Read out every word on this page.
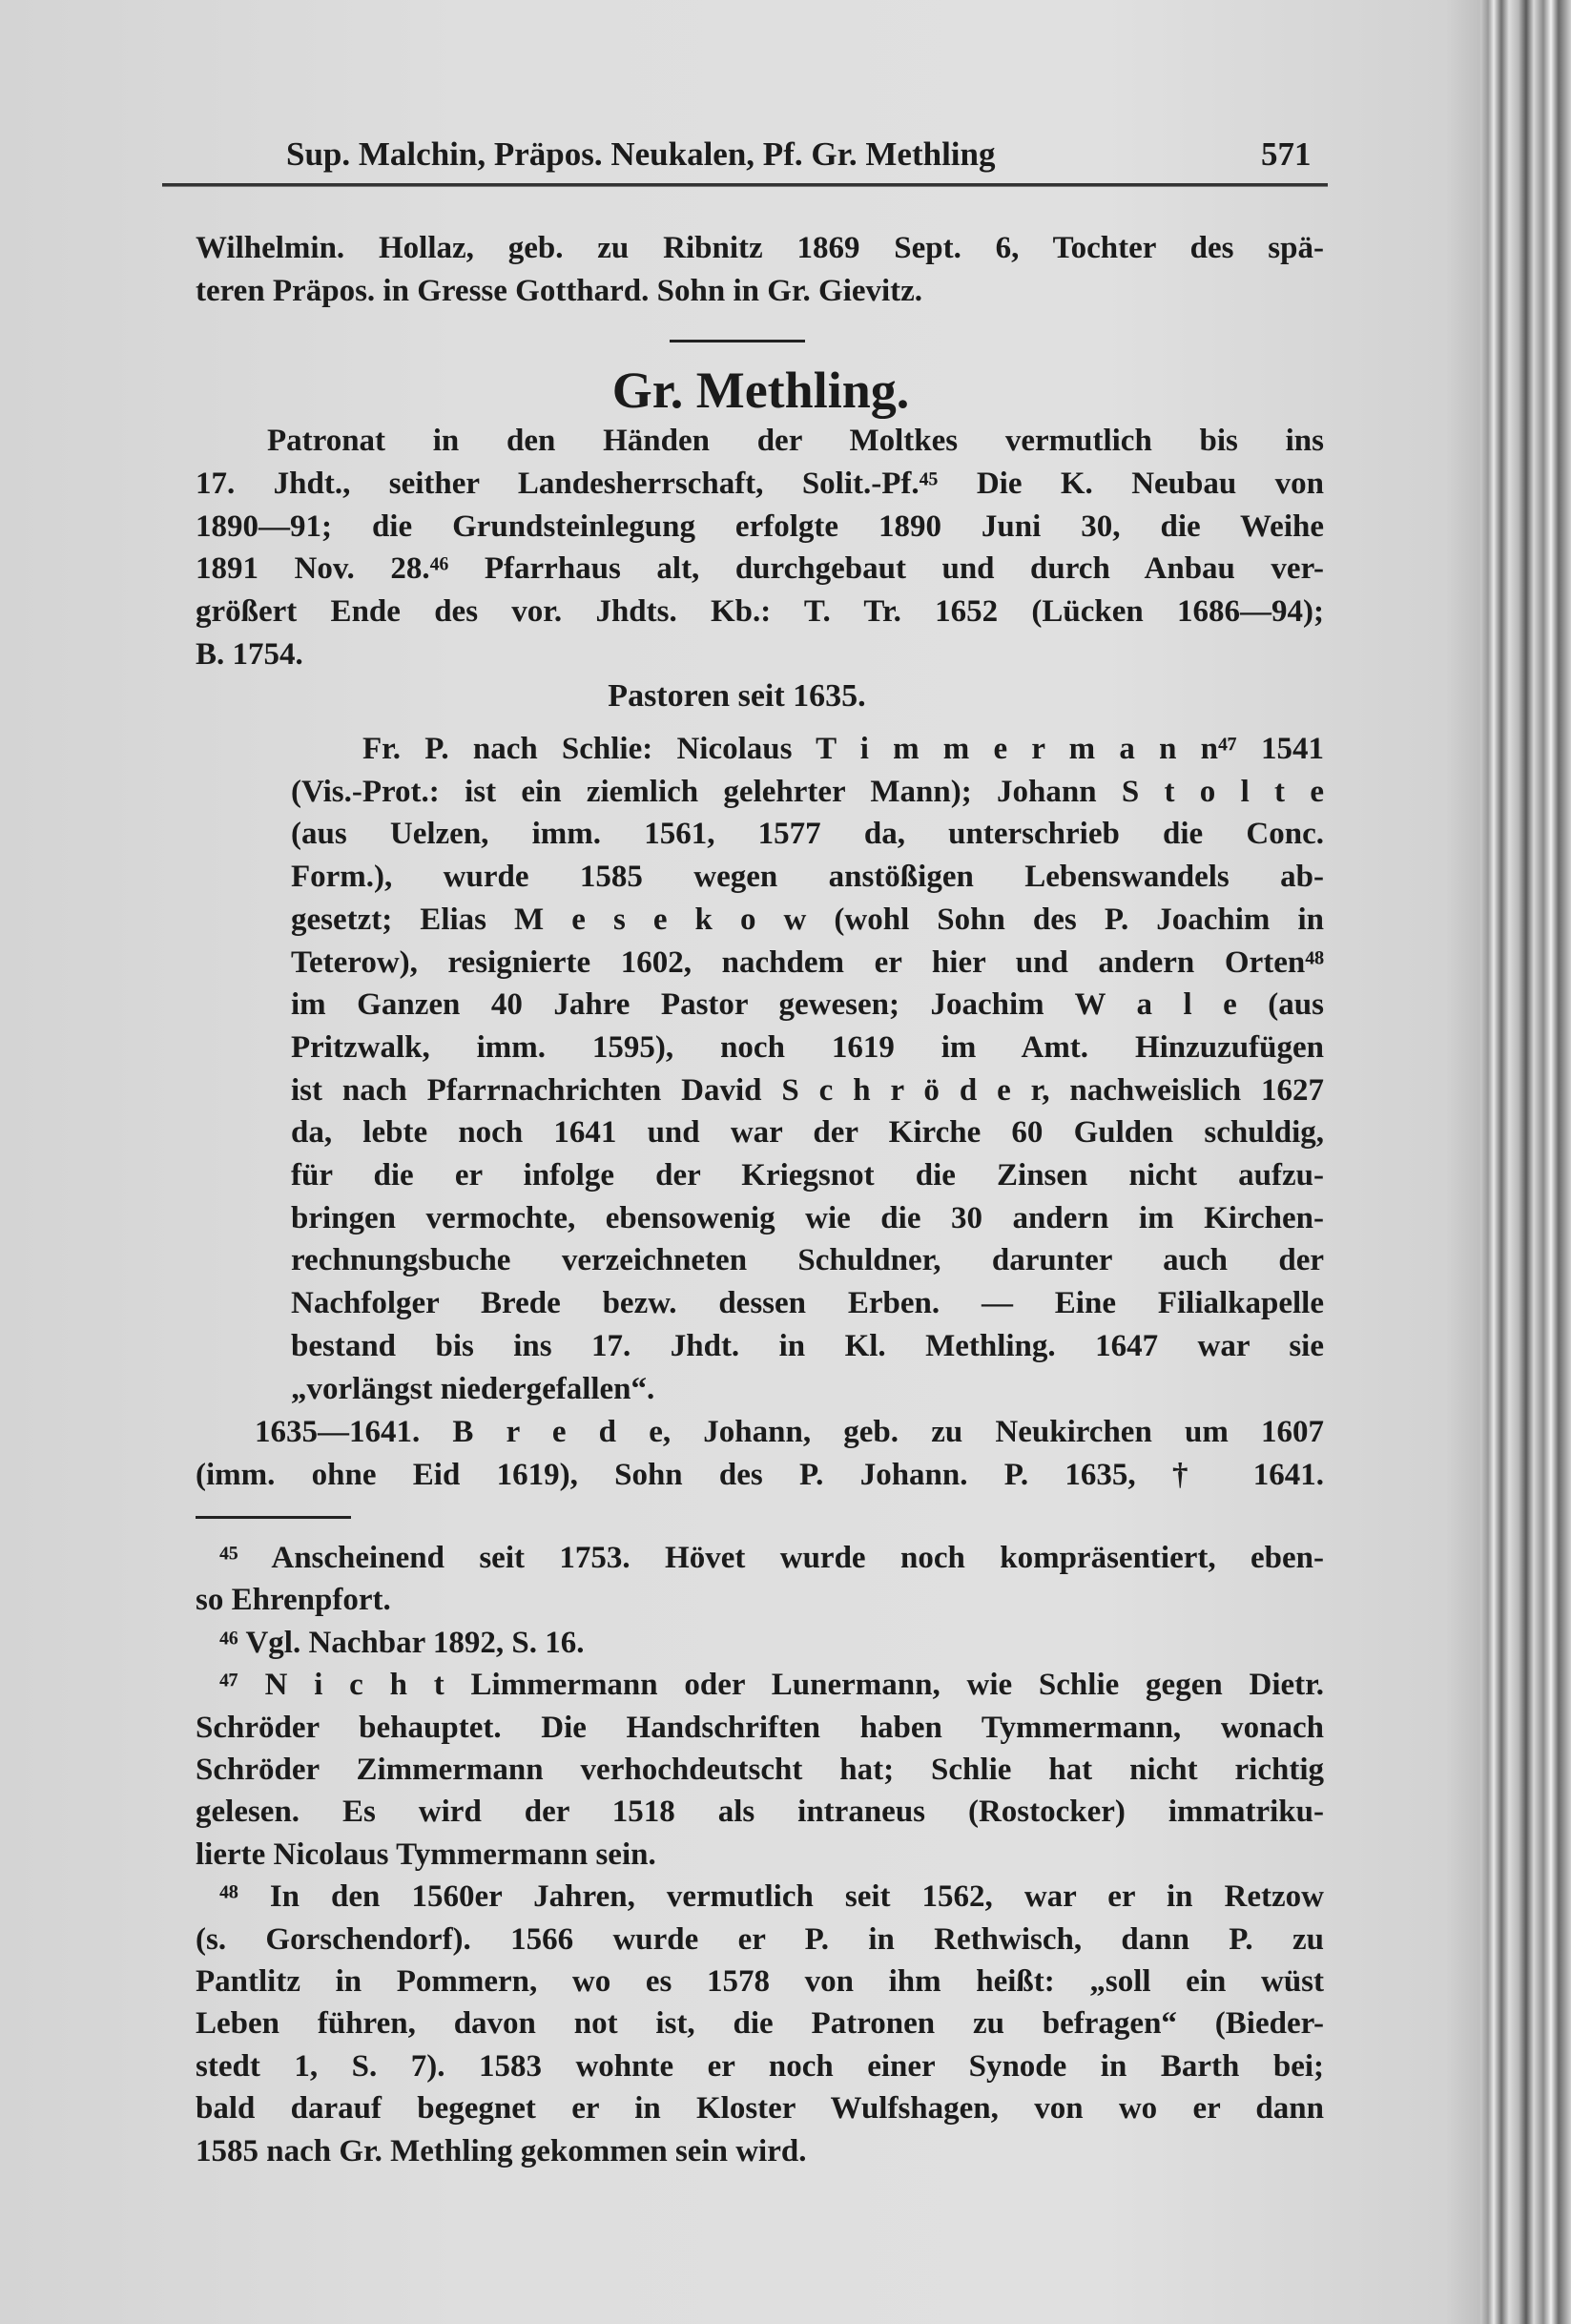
Sup. Malchin, Präpos. Neukalen, Pf. Gr. Methling	571
Gr. Methling.
Pastoren seit 1635.
Wilhelmin. Hollaz, geb. zu Ribnitz 1869 Sept. 6, Tochter des spä-
teren Präpos. in Gresse Gotthard. Sohn in Gr. Gievitz.
Patronat in den Händen der Moltkes vermutlich bis ins
17. Jhdt., seither Landesherrschaft, Solit.-Pf.⁴⁵ Die K. Neubau von
1890—91; die Grundsteinlegung erfolgte 1890 Juni 30, die Weihe
1891 Nov. 28.⁴⁶ Pfarrhaus alt, durchgebaut und durch Anbau ver-
größert Ende des vor. Jhdts. Kb.: T. Tr. 1652 (Lücken 1686—94);
B. 1754.
Fr. P. nach Schlie: Nicolaus T i m m e r m a n n⁴⁷ 1541
(Vis.-Prot.: ist ein ziemlich gelehrter Mann); Johann S t o l t e
(aus Uelzen, imm. 1561, 1577 da, unterschrieb die Conc.
Form.), wurde 1585 wegen anstößigen Lebenswandels ab-
gesetzt; Elias M e s e k o w (wohl Sohn des P. Joachim in
Teterow), resignierte 1602, nachdem er hier und andern Orten⁴⁸
im Ganzen 40 Jahre Pastor gewesen; Joachim W a l e (aus
Pritzwalk, imm. 1595), noch 1619 im Amt. Hinzuzufügen
ist nach Pfarrnachrichten David S c h r ö d e r, nachweislich 1627
da, lebte noch 1641 und war der Kirche 60 Gulden schuldig,
für die er infolge der Kriegsnot die Zinsen nicht aufzu-
bringen vermochte, ebensowenig wie die 30 andern im Kirchen-
rechnungsbuche verzeichneten Schuldner, darunter auch der
Nachfolger Brede bezw. dessen Erben. — Eine Filialkapelle
bestand bis ins 17. Jhdt. in Kl. Methling. 1647 war sie
„vorlängst niedergefallen“.
1635—1641. B r e d e, Johann, geb. zu Neukirchen um 1607
(imm. ohne Eid 1619), Sohn des P. Johann. P. 1635, † 1641.
⁴⁵ Anscheinend seit 1753. Hövet wurde noch kompräsentiert, eben-
so Ehrenpfort.
⁴⁶ Vgl. Nachbar 1892, S. 16.
⁴⁷ N i c h t Limmermann oder Lunermann, wie Schlie gegen Dietr.
Schröder behauptet. Die Handschriften haben Tymmermann, wonach
Schröder Zimmermann verhochdeutscht hat; Schlie hat nicht richtig
gelesen. Es wird der 1518 als intraneus (Rostocker) immatriku-
lierte Nicolaus Tymmermann sein.
⁴⁸ In den 1560er Jahren, vermutlich seit 1562, war er in Retzow
(s. Gorschendorf). 1566 wurde er P. in Rethwisch, dann P. zu
Pantlitz in Pommern, wo es 1578 von ihm heißt: „soll ein wüst
Leben führen, davon not ist, die Patronen zu befragen“ (Bieder-
stedt 1, S. 7). 1583 wohnte er noch einer Synode in Barth bei;
bald darauf begegnet er in Kloster Wulfshagen, von wo er dann
1585 nach Gr. Methling gekommen sein wird.
